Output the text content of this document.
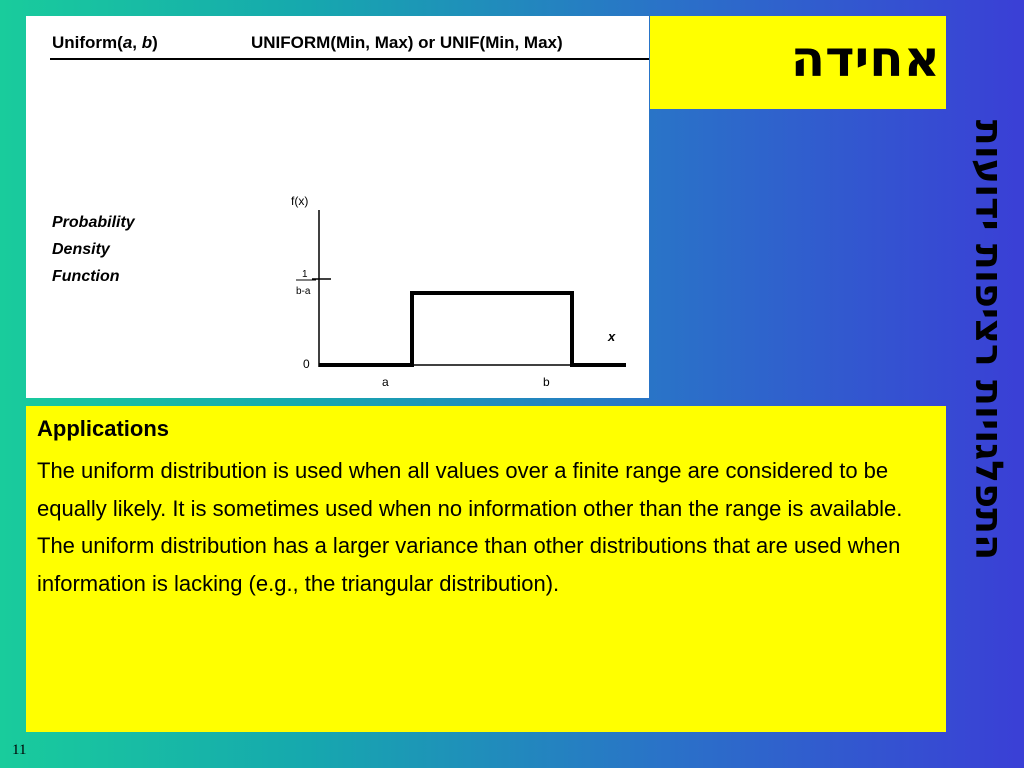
Uniform(a, b)	UNIFORM(Min, Max) or UNIF(Min, Max)
Probability
Density
Function
f(x)
x
0
1
b-a
a	b
אחידה
Applications

The uniform distribution is used when all values over a finite range are considered to be equally likely. It is sometimes used when no information other than the range is available. The uniform distribution has a larger variance than other distributions that are used when information is lacking (e.g., the triangular distribution).

התפלגויות רציפות ידועות
11
